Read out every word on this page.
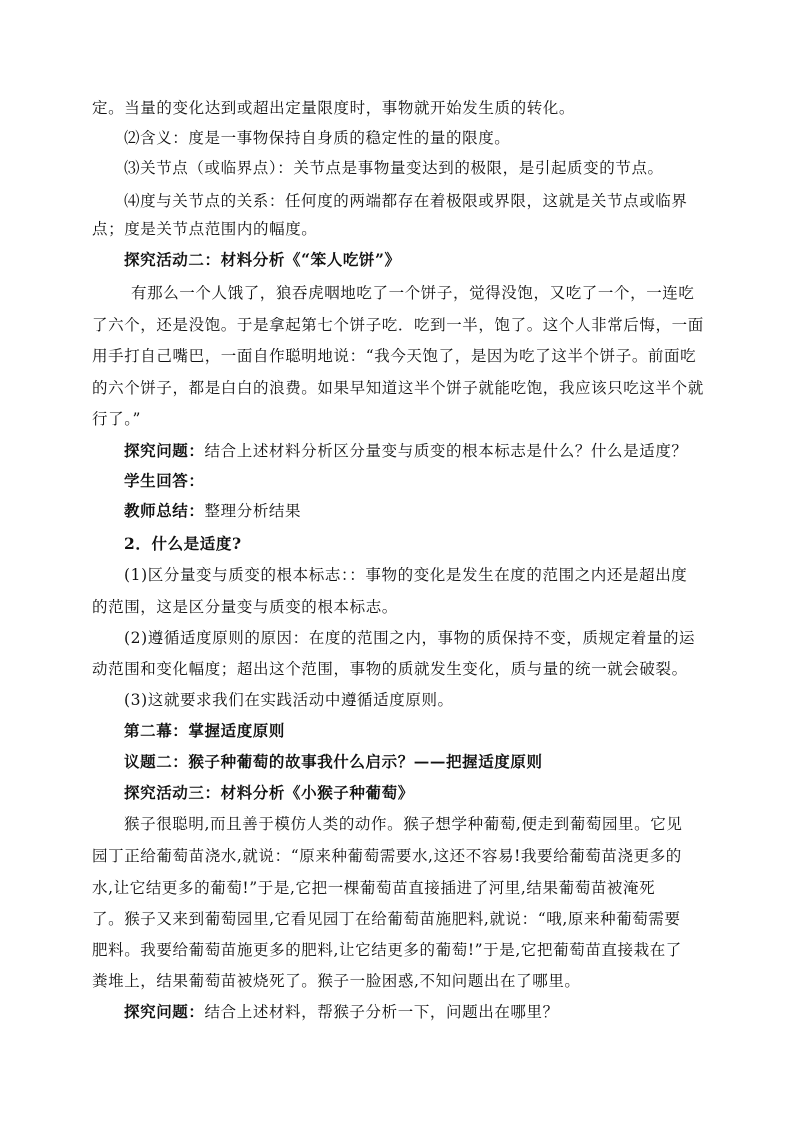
定。当量的变化达到或超出定量限度时，事物就开始发生质的转化。
⑵含义：度是一事物保持自身质的稳定性的量的限度。
⑶关节点（或临界点）：关节点是事物量变达到的极限，是引起质变的节点。
⑷度与关节点的关系：任何度的两端都存在着极限或界限，这就是关节点或临界
点；度是关节点范围内的幅度。
探究活动二：材料分析《“笨人吃饼”》
有那么一个人饿了，狼吞虎咽地吃了一个饼子，觉得没饱，又吃了一个，一连吃
了六个，还是没饱。于是拿起第七个饼子吃．吃到一半，饱了。这个人非常后悔，一面
用手打自己嘴巴，一面自作聪明地说：“我今天饱了，是因为吃了这半个饼子。前面吃
的六个饼子，都是白白的浪费。如果早知道这半个饼子就能吃饱，我应该只吃这半个就
行了。”
探究问题：结合上述材料分析区分量变与质变的根本标志是什么？什么是适度？
学生回答：
教师总结：整理分析结果
2．什么是适度?
(1)区分量变与质变的根本标志：：事物的变化是发生在度的范围之内还是超出度
的范围，这是区分量变与质变的根本标志。
(2)遵循适度原则的原因：在度的范围之内，事物的质保持不变，质规定着量的运
动范围和变化幅度；超出这个范围，事物的质就发生变化，质与量的统一就会破裂。
(3)这就要求我们在实践活动中遵循适度原则。
第二幕：掌握适度原则
议题二：猴子种葡萄的故事我什么启示？——把握适度原则
探究活动三：材料分析《小猴子种葡萄》
猴子很聪明,而且善于模仿人类的动作。猴子想学种葡萄,便走到葡萄园里。它见
园丁正给葡萄苗浇水,就说：“原来种葡萄需要水,这还不容易!我要给葡萄苗浇更多的
水,让它结更多的葡萄!”于是,它把一棵葡萄苗直接插进了河里,结果葡萄苗被淹死
了。猴子又来到葡萄园里,它看见园丁在给葡萄苗施肥料,就说：“哦,原来种葡萄需要
肥料。我要给葡萄苗施更多的肥料,让它结更多的葡萄!”于是,它把葡萄苗直接栽在了
粪堆上，结果葡萄苗被烧死了。猴子一脸困惑,不知问题出在了哪里。
探究问题：结合上述材料，帮猴子分析一下，问题出在哪里？
